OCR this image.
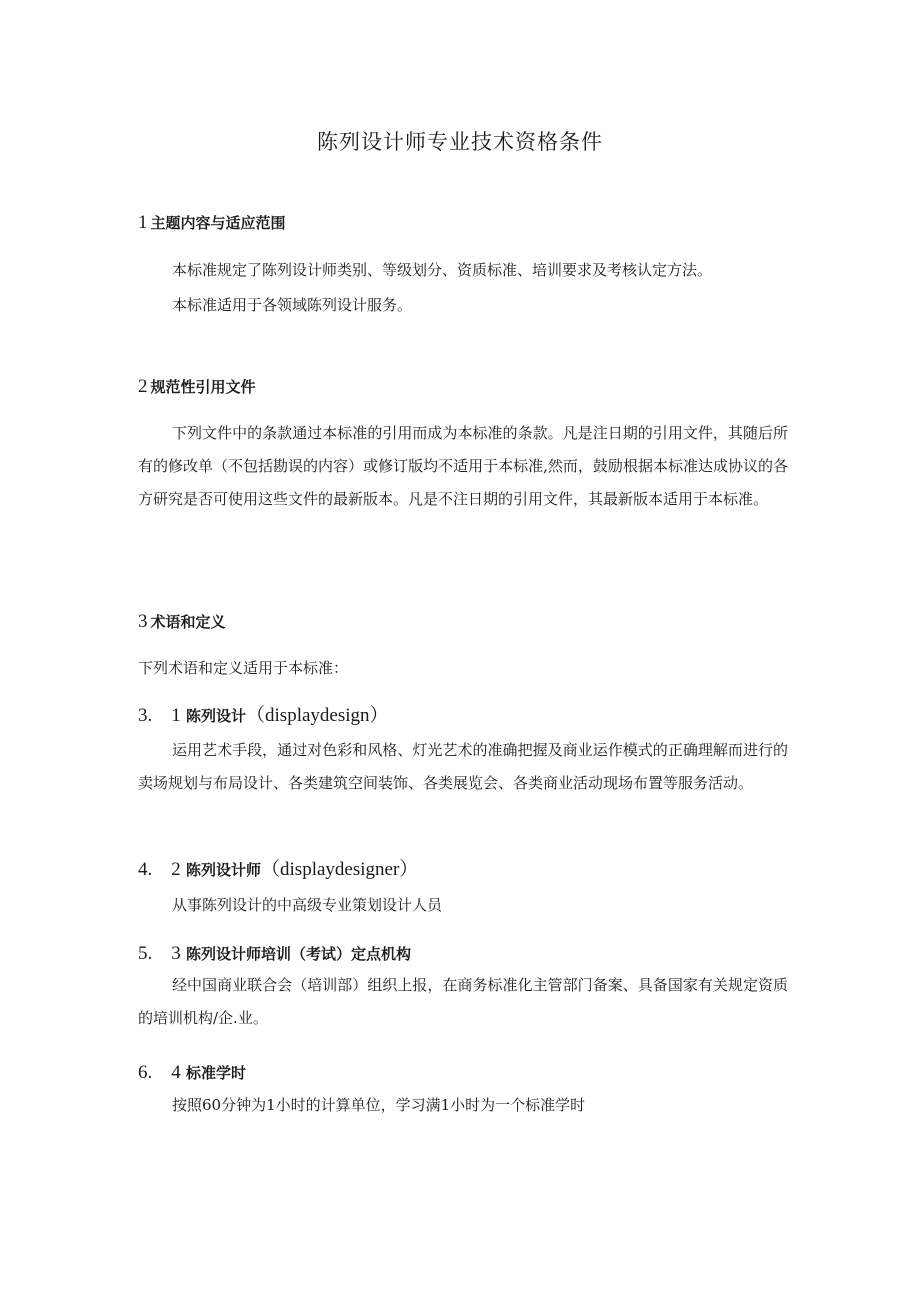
陈列设计师专业技术资格条件
1 主题内容与适应范围
本标准规定了陈列设计师类别、等级划分、资质标准、培训要求及考核认定方法。
本标准适用于各领域陈列设计服务。
2 规范性引用文件
下列文件中的条款通过本标准的引用而成为本标准的条款。凡是注日期的引用文件，其随后所有的修改单（不包括勘误的内容）或修订版均不适用于本标准,然而，鼓励根据本标准达成协议的各方研究是否可使用这些文件的最新版本。凡是不注日期的引用文件，其最新版本适用于本标准。
3 术语和定义
下列术语和定义适用于本标准：
3.　1 陈列设计（displaydesign）
运用艺术手段，通过对色彩和风格、灯光艺术的准确把握及商业运作模式的正确理解而进行的卖场规划与布局设计、各类建筑空间装饰、各类展览会、各类商业活动现场布置等服务活动。
4.　2 陈列设计师（displaydesigner）
从事陈列设计的中高级专业策划设计人员
5.　3 陈列设计师培训（考试）定点机构
经中国商业联合会（培训部）组织上报，在商务标准化主管部门备案、具备国家有关规定资质的培训机构/企.业。
6.　4 标准学时
按照60分钟为1小时的计算单位，学习满1小时为一个标准学时
